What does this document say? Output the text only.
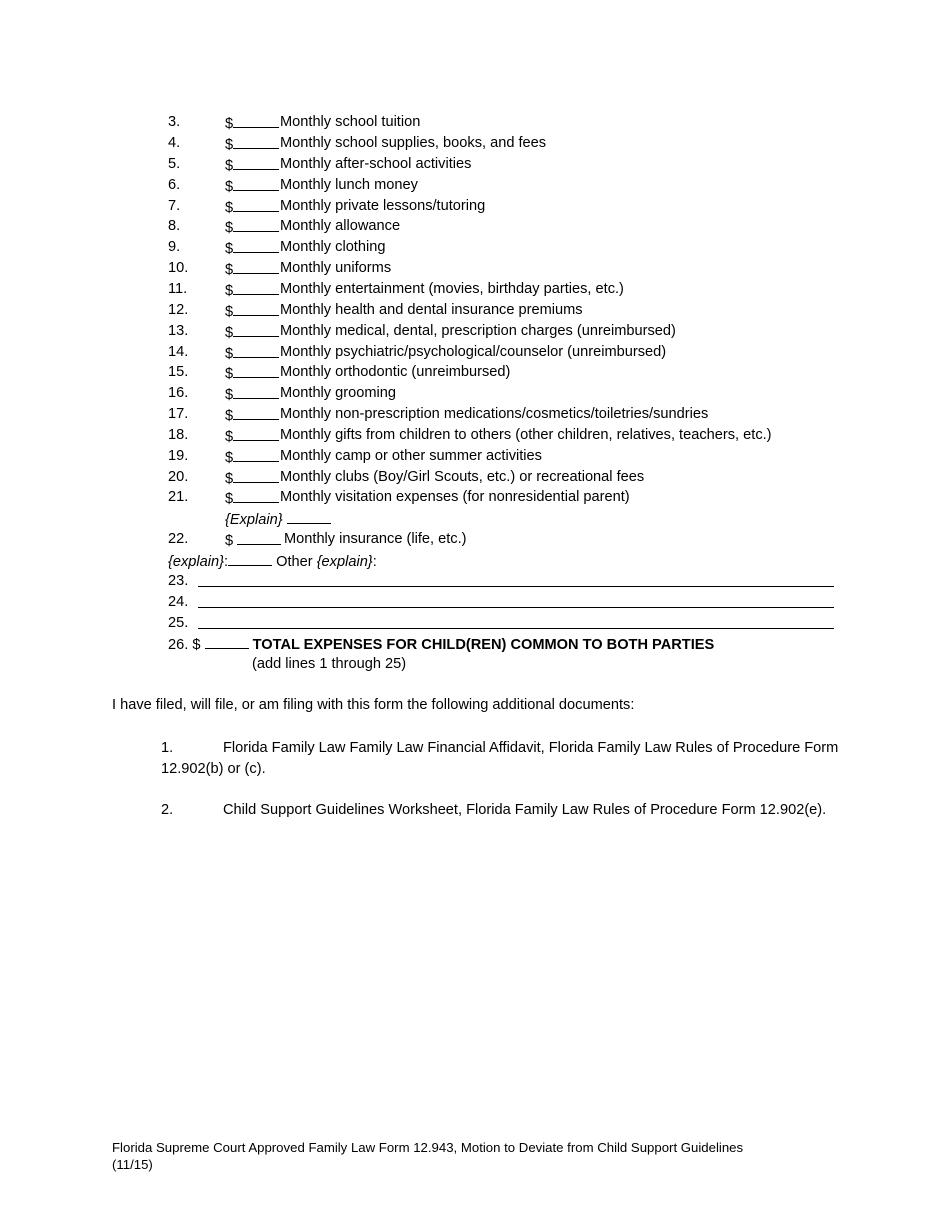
3.	$	Monthly school tuition
4.	$	Monthly school supplies, books, and fees
5.	$	Monthly after-school activities
6.	$	Monthly lunch money
7.	$	Monthly private lessons/tutoring
8.	$	Monthly allowance
9.	$	Monthly clothing
10.	$	Monthly uniforms
11.	$	Monthly entertainment (movies, birthday parties, etc.)
12.	$	Monthly health and dental insurance premiums
13.	$	Monthly medical, dental, prescription charges (unreimbursed)
14.	$	Monthly psychiatric/psychological/counselor (unreimbursed)
15.	$	Monthly orthodontic (unreimbursed)
16.	$	Monthly grooming
17.	$	Monthly non-prescription medications/cosmetics/toiletries/sundries
18.	$	Monthly gifts from children to others (other children, relatives, teachers, etc.)
19.	$	Monthly camp or other summer activities
20.	$	Monthly clubs (Boy/Girl Scouts, etc.) or recreational fees
21.	$	Monthly visitation expenses (for nonresidential parent)
{Explain}
22.	$	Monthly insurance (life, etc.)
{explain}:	Other {explain}:
23.
24.
25.
26. $	TOTAL EXPENSES FOR CHILD(REN) COMMON TO BOTH PARTIES
(add lines 1 through 25)
I have filed, will file, or am filing with this form the following additional documents:
1.	Florida Family Law Family Law Financial Affidavit, Florida Family Law Rules of Procedure Form 12.902(b) or (c).
2.	Child Support Guidelines Worksheet, Florida Family Law Rules of Procedure Form 12.902(e).
Florida Supreme Court Approved Family Law Form 12.943, Motion to Deviate from Child Support Guidelines
(11/15)
